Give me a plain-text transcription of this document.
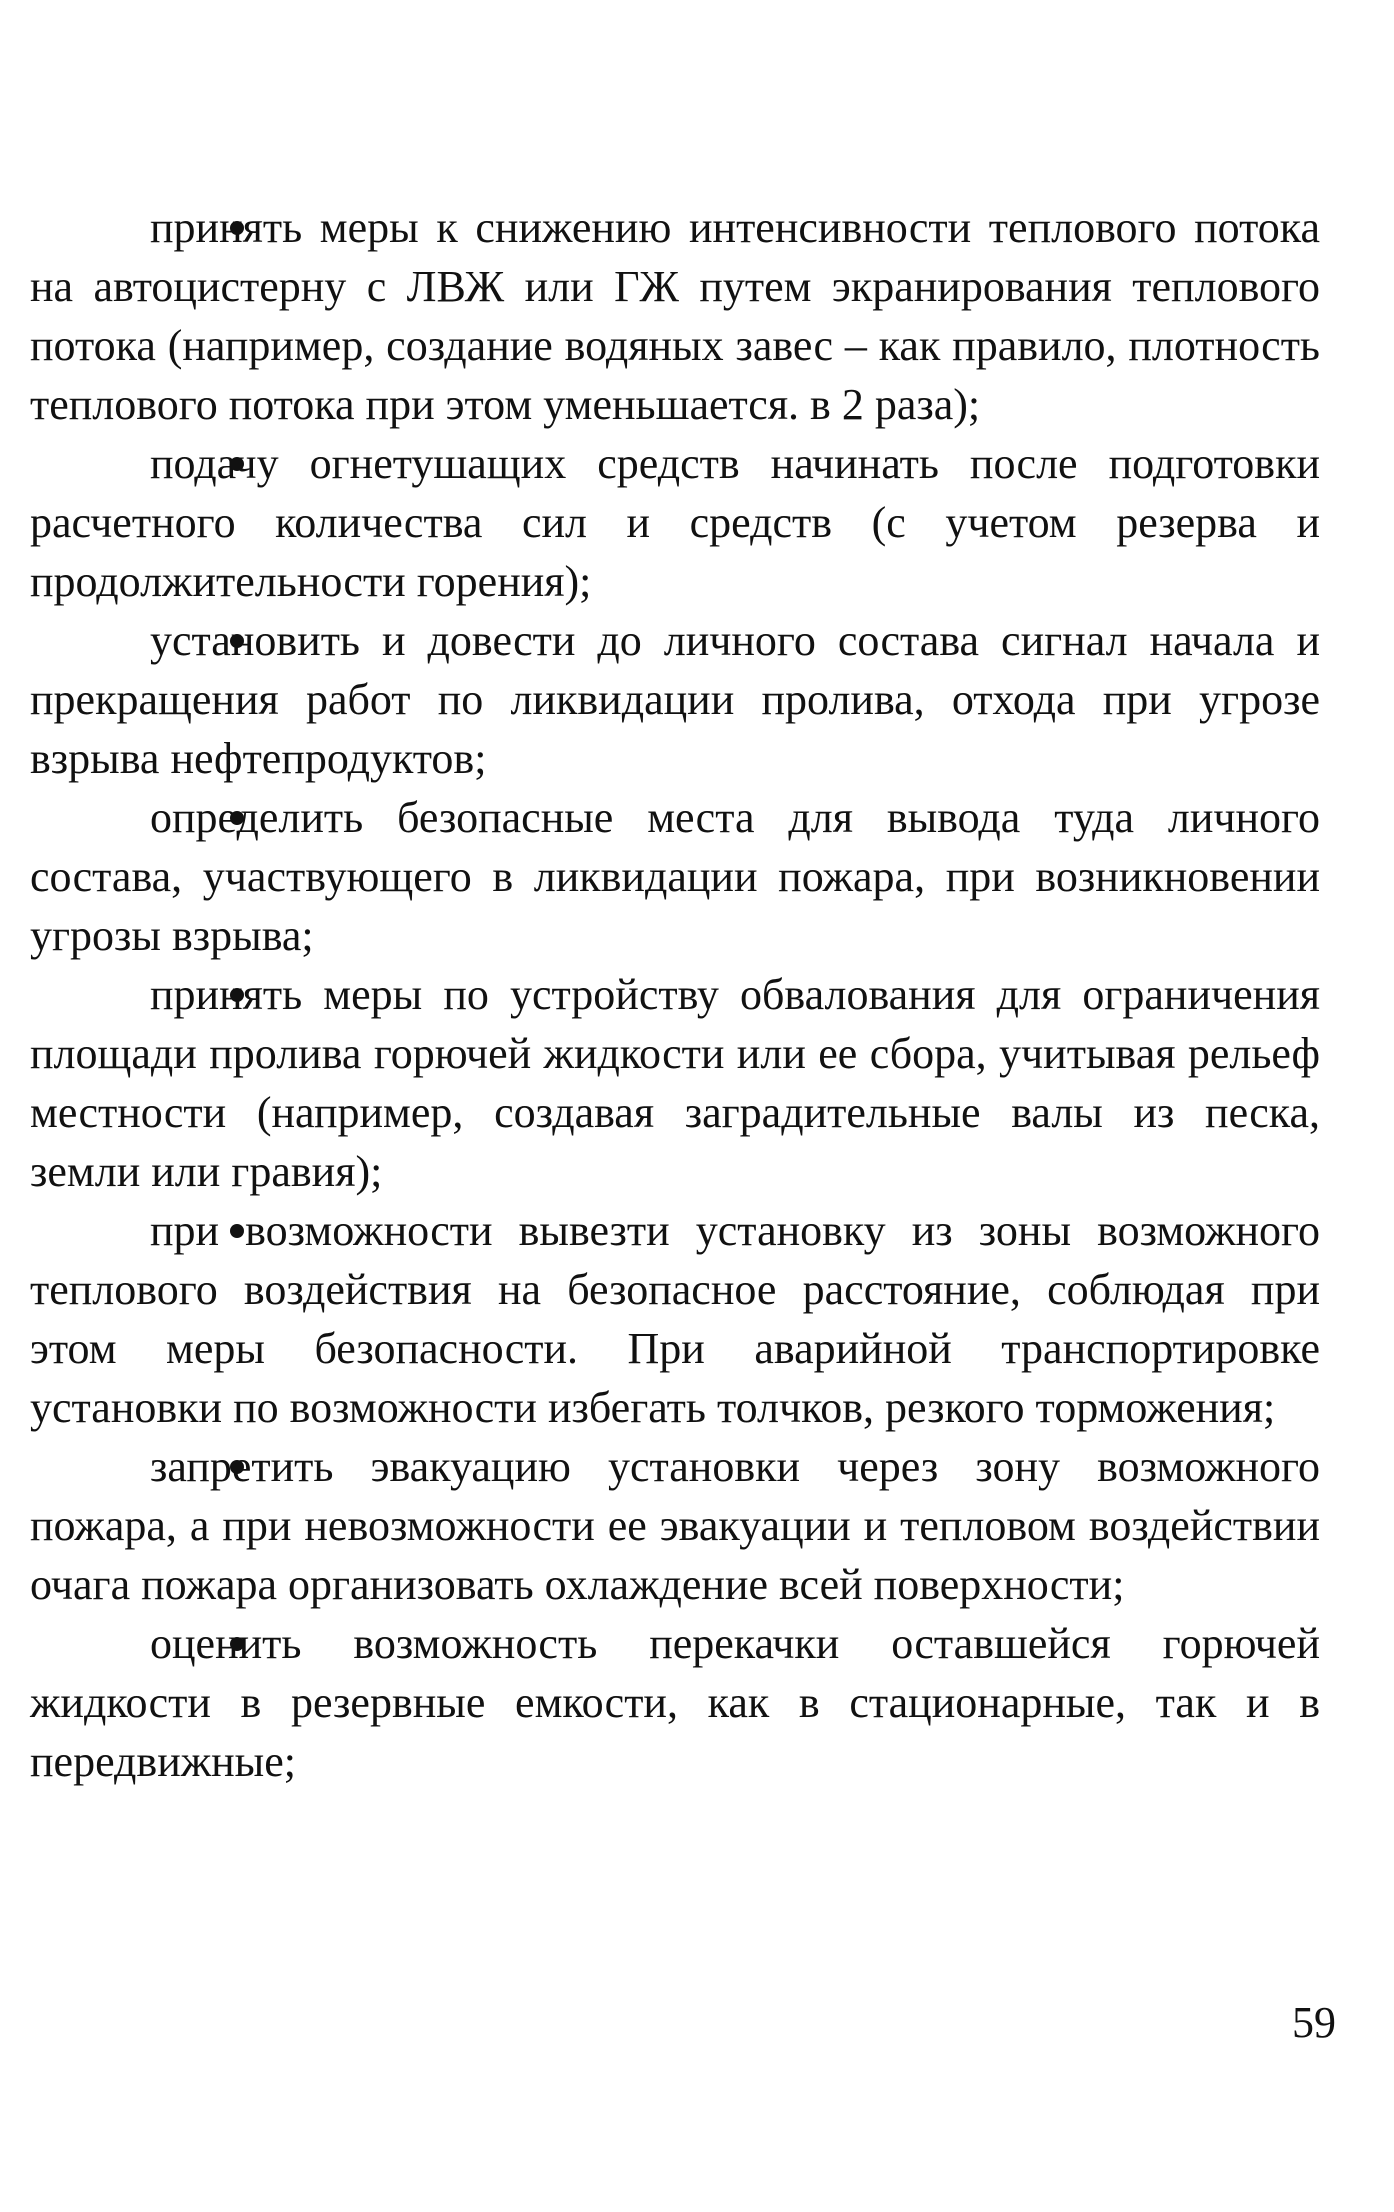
принять меры к снижению интенсивности теплового потока на автоцистерну с ЛВЖ или ГЖ путем экранирования теплового потока (например, создание водяных завес – как правило, плотность теплового потока при этом уменьшается. в 2 раза);

подачу огнетушащих средств начинать после подготовки расчетного количества сил и средств (с учетом резерва и продолжительности горения);

установить и довести до личного состава сигнал начала и прекращения работ по ликвидации пролива, отхода при угрозе взрыва нефтепродуктов;

определить безопасные места для вывода туда личного состава, участвующего в ликвидации пожара, при возникновении угрозы взрыва;

принять меры по устройству обвалования для ограничения площади пролива горючей жидкости или ее сбора, учитывая рельеф местности (например, создавая заградительные валы из песка, земли или гравия);

при возможности вывезти установку из зоны возможного теплового воздействия на безопасное расстояние, соблюдая при этом меры безопасности. При аварийной транспортировке установки по возможности избегать толчков, резкого торможения;

запретить эвакуацию установки через зону возможного пожара, а при невозможности ее эвакуации и тепловом воздействии очага пожара организовать охлаждение всей поверхности;

оценить возможность перекачки оставшейся горючей жидкости в резервные емкости, как в стационарные, так и в передвижные;

59
